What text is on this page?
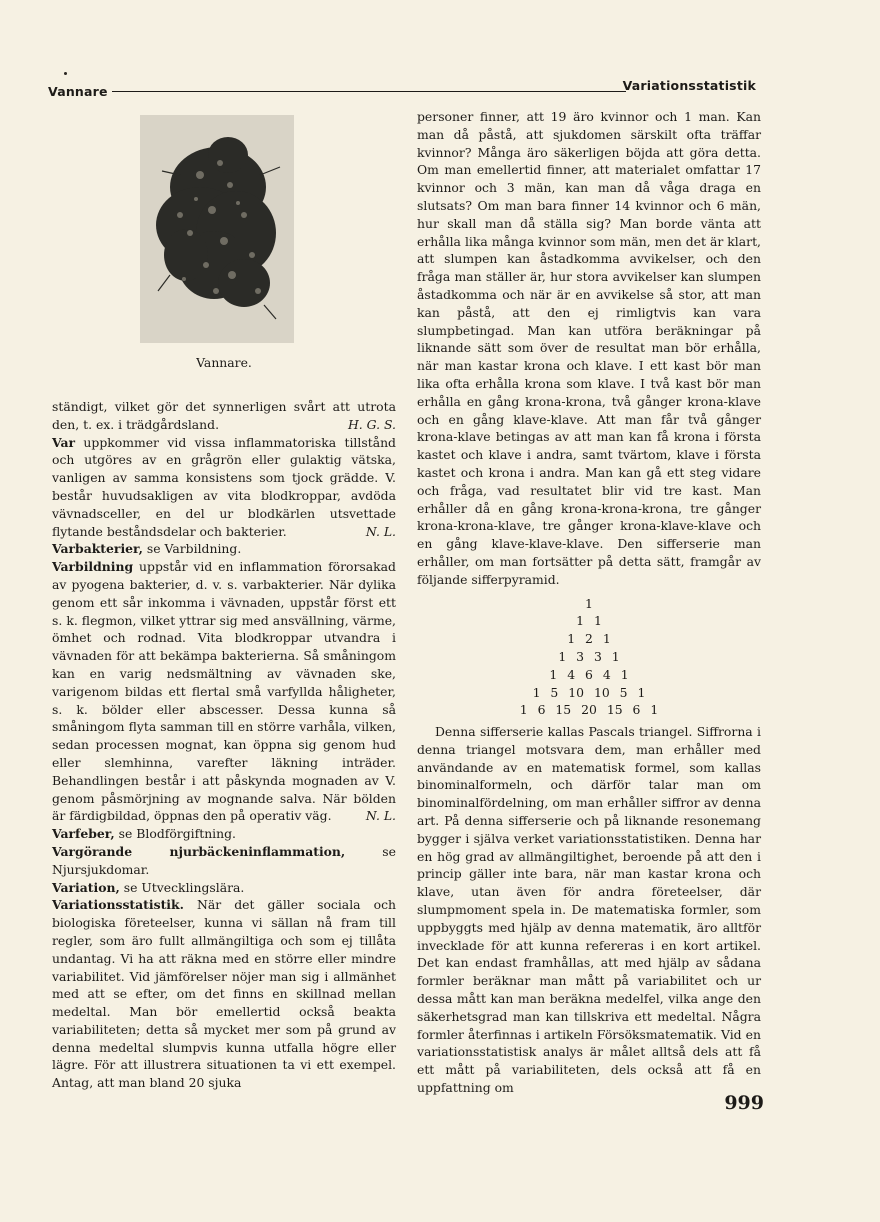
Vannare	Variationsstatistik
Vannare.

ständigt, vilket gör det synnerligen svårt att utrota den, t. ex. i trädgårdsland.	H. G. S.

Var uppkommer vid vissa inflammatoriska tillstånd och utgöres av en grågrön eller gulaktig vätska, vanligen av samma konsistens som tjock grädde. V. består huvudsakligen av vita blodkroppar, avdöda vävnadsceller, en del ur blodkärlen utsvettade flytande beståndsdelar och bakterier.	N. L.

Varbakterier, se Varbildning.

Varbildning uppstår vid en inflammation förorsakad av pyogena bakterier, d. v. s. varbakterier. När dylika genom ett sår inkomma i vävnaden, uppstår först ett s. k. flegmon, vilket yttrar sig med ansvällning, värme, ömhet och rodnad. Vita blodkroppar utvandra i vävnaden för att bekämpa bakterierna. Så småningom kan en varig nedsmältning av vävnaden ske, varigenom bildas ett flertal små varfyllda håligheter, s. k. bölder eller abscesser. Dessa kunna så småningom flyta samman till en större varhåla, vilken, sedan processen mognat, kan öppna sig genom hud eller slemhinna, varefter läkning inträder. Behandlingen består i att påskynda mognaden av V. genom påsmörjning av mognande salva. När bölden är färdigbildad, öppnas den på operativ väg.	N. L.

Varfeber, se Blodförgiftning.

Vargörande njurbäckeninflammation, se Njursjukdomar.

Variation, se Utvecklingslära.

Variationsstatistik. När det gäller sociala och biologiska företeelser, kunna vi sällan nå fram till regler, som äro fullt allmängiltiga och som ej tillåta undantag. Vi ha att räkna med en större eller mindre variabilitet. Vid jämförelser nöjer man sig i allmänhet med att se efter, om det finns en skillnad mellan medeltal. Man bör emellertid också beakta variabiliteten; detta så mycket mer som på grund av denna medeltal slumpvis kunna utfalla högre eller lägre. För att illustrera situationen ta vi ett exempel. Antag, att man bland 20 sjuka

personer finner, att 19 äro kvinnor och 1 man. Kan man då påstå, att sjukdomen särskilt ofta träffar kvinnor? Många äro säkerligen böjda att göra detta. Om man emellertid finner, att materialet omfattar 17 kvinnor och 3 män, kan man då våga draga en slutsats? Om man bara finner 14 kvinnor och 6 män, hur skall man då ställa sig? Man borde vänta att erhålla lika många kvinnor som män, men det är klart, att slumpen kan åstadkomma avvikelser, och den fråga man ställer är, hur stora avvikelser kan slumpen åstadkomma och när är en avvikelse så stor, att man kan påstå, att den ej rimligtvis kan vara slumpbetingad. Man kan utföra beräkningar på liknande sätt som över de resultat man bör erhålla, när man kastar krona och klave. I ett kast bör man lika ofta erhålla krona som klave. I två kast bör man erhålla en gång krona-krona, två gånger krona-klave och en gång klave-klave. Att man får två gånger krona-klave betingas av att man kan få krona i första kastet och klave i andra, samt tvärtom, klave i första kastet och krona i andra. Man kan gå ett steg vidare och fråga, vad resultatet blir vid tre kast. Man erhåller då en gång krona-krona-krona, tre gånger krona-krona-klave, tre gånger krona-klave-klave och en gång klave-klave-klave. Den sifferserie man erhåller, om man fortsätter på detta sätt, framgår av följande sifferpyramid.

1
1 1
1 2 1
1 3 3 1
1 4 6 4 1
1 5 10 10 5 1
1 6 15 20 15 6 1

Denna sifferserie kallas Pascals triangel. Siffrorna i denna triangel motsvara dem, man erhåller med användande av en matematisk formel, som kallas binominalformeln, och därför talar man om binominalfördelning, om man erhåller siffror av denna art. På denna sifferserie och på liknande resonemang bygger i själva verket variationsstatistiken. Denna har en hög grad av allmängiltighet, beroende på att den i princip gäller inte bara, när man kastar krona och klave, utan även för andra företeelser, där slumpmoment spela in. De matematiska formler, som uppbyggts med hjälp av denna matematik, äro alltför invecklade för att kunna refereras i en kort artikel. Det kan endast framhållas, att med hjälp av sådana formler beräknar man mått på variabilitet och ur dessa mått kan man beräkna medelfel, vilka ange den säkerhetsgrad man kan tillskriva ett medeltal. Några formler återfinnas i artikeln Försöksmatematik. Vid en variationsstatistisk analys är målet alltså dels att få ett mått på variabiliteten, dels också att få en uppfattning om

999
